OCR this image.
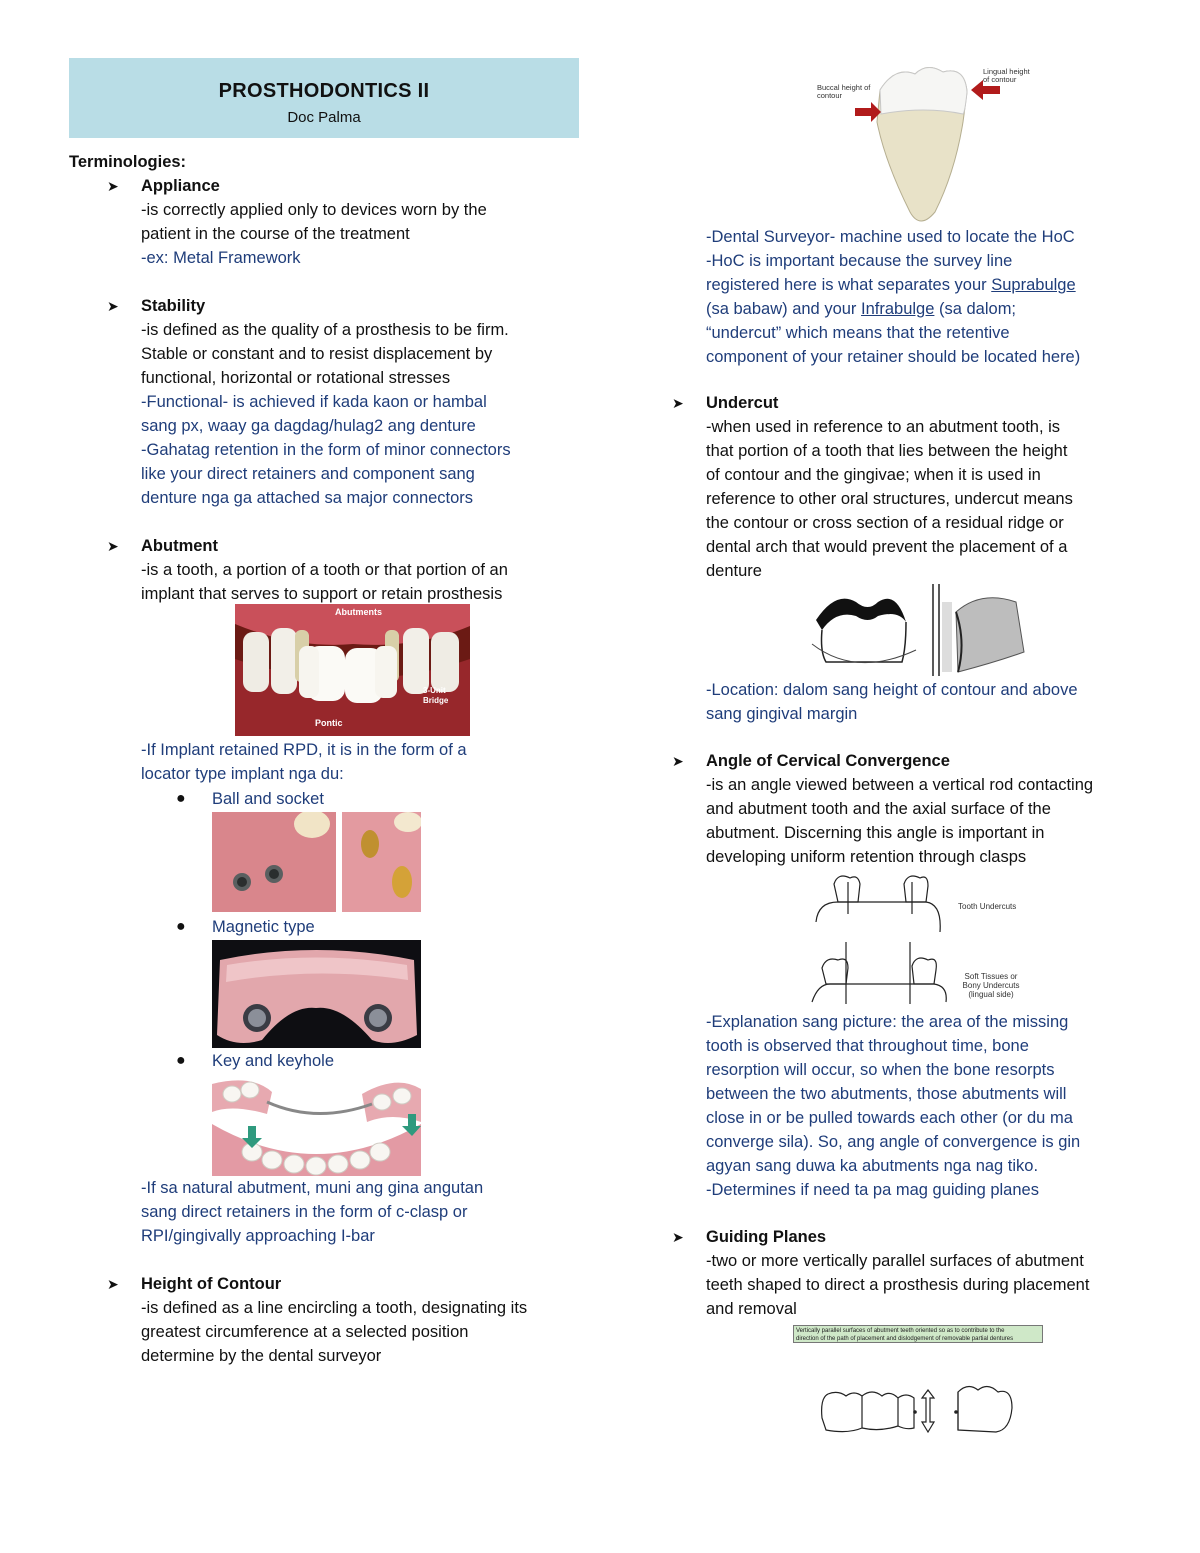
PROSTHODONTICS II
Doc Palma
Terminologies:
➤ Appliance
-is correctly applied only to devices worn by the
patient in the course of the treatment
-ex: Metal Framework
➤ Stability
-is defined as the quality of a prosthesis to be firm.
Stable or constant and to resist displacement by
functional, horizontal or rotational stresses
-Functional- is achieved if kada kaon or hambal
sang px, waay ga dagdag/hulag2 ang denture
-Gahatag retention in the form of minor connectors
like your direct retainers and component sang
denture nga ga attached sa major connectors
➤ Abutment
-is a tooth, a portion of a tooth or that portion of an
implant that serves to support or retain prosthesis
Abutments
3-Unit Bridge
Pontic
-If Implant retained RPD, it is in the form of a
locator type implant nga du:
● Ball and socket
● Magnetic type
● Key and keyhole
-If sa natural abutment, muni ang gina angutan
sang direct retainers in the form of c-clasp or
RPI/gingivally approaching I-bar
➤ Height of Contour
-is defined as a line encircling a tooth, designating its
greatest circumference at a selected position
determine by the dental surveyor
Buccal height of contour
Lingual height of contour
-Dental Surveyor- machine used to locate the HoC
-HoC is important because the survey line
registered here is what separates your Suprabulge
(sa babaw) and your Infrabulge (sa dalom;
“undercut” which means that the retentive
component of your retainer should be located here)
➤ Undercut
-when used in reference to an abutment tooth, is
that portion of a tooth that lies between the height
of contour and the gingivae; when it is used in
reference to other oral structures, undercut means
the contour or cross section of a residual ridge or
dental arch that would prevent the placement of a
denture
-Location: dalom sang height of contour and above
sang gingival margin
➤ Angle of Cervical Convergence
-is an angle viewed between a vertical rod contacting
and abutment tooth and the axial surface of the
abutment. Discerning this angle is important in
developing uniform retention through clasps
Tooth Undercuts
Soft Tissues or
Bony Undercuts
(lingual side)
-Explanation sang picture: the area of the missing
tooth is observed that throughout time, bone
resorption will occur, so when the bone resorpts
between the two abutments, those abutments will
close in or be pulled towards each other (or du ma
converge sila). So, ang angle of convergence is gin
agyan sang duwa ka abutments nga nag tiko.
-Determines if need ta pa mag guiding planes
➤ Guiding Planes
-two or more vertically parallel surfaces of abutment
teeth shaped to direct a prosthesis during placement
and removal
Vertically parallel surfaces of abutment teeth oriented so as to contribute to the
direction of the path of placement and dislodgement of removable partial dentures
